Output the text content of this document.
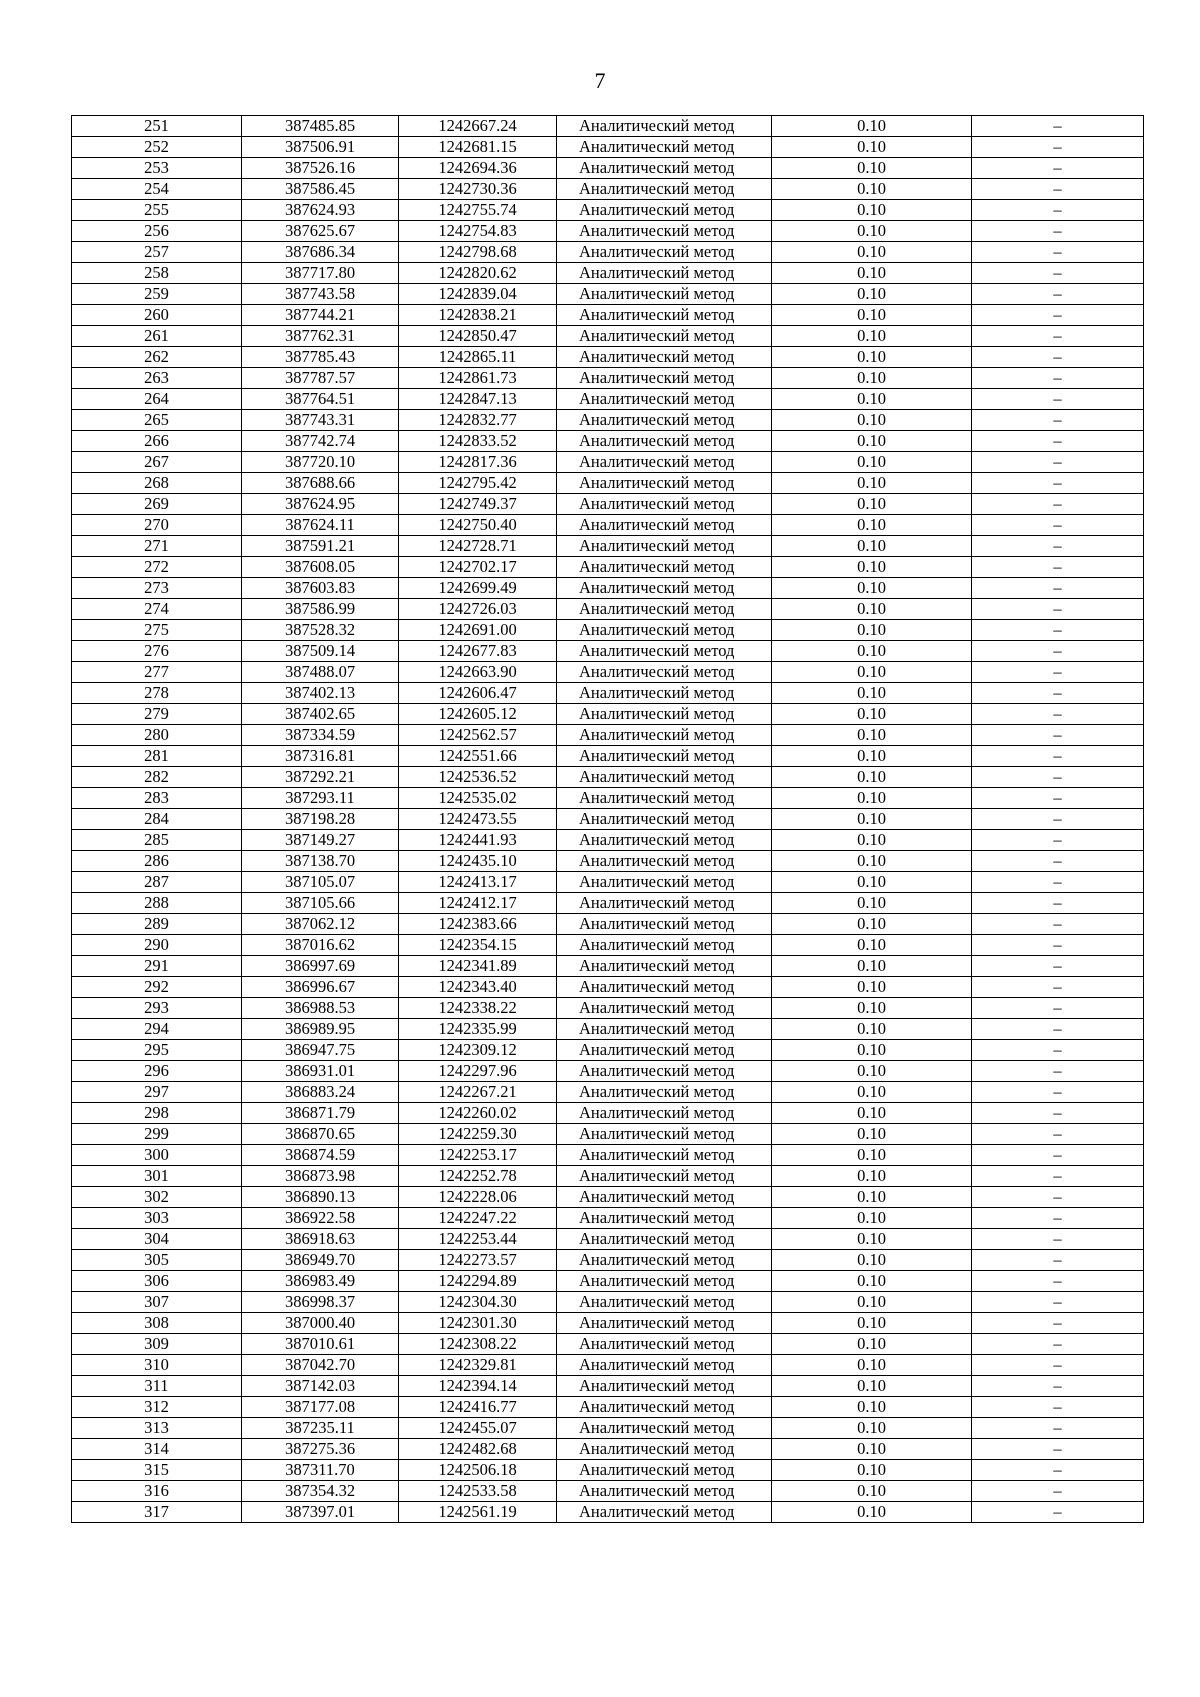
7
251	387485.85	1242667.24	Аналитический метод	0.10	–
252	387506.91	1242681.15	Аналитический метод	0.10	–
253	387526.16	1242694.36	Аналитический метод	0.10	–
254	387586.45	1242730.36	Аналитический метод	0.10	–
255	387624.93	1242755.74	Аналитический метод	0.10	–
256	387625.67	1242754.83	Аналитический метод	0.10	–
257	387686.34	1242798.68	Аналитический метод	0.10	–
258	387717.80	1242820.62	Аналитический метод	0.10	–
259	387743.58	1242839.04	Аналитический метод	0.10	–
260	387744.21	1242838.21	Аналитический метод	0.10	–
261	387762.31	1242850.47	Аналитический метод	0.10	–
262	387785.43	1242865.11	Аналитический метод	0.10	–
263	387787.57	1242861.73	Аналитический метод	0.10	–
264	387764.51	1242847.13	Аналитический метод	0.10	–
265	387743.31	1242832.77	Аналитический метод	0.10	–
266	387742.74	1242833.52	Аналитический метод	0.10	–
267	387720.10	1242817.36	Аналитический метод	0.10	–
268	387688.66	1242795.42	Аналитический метод	0.10	–
269	387624.95	1242749.37	Аналитический метод	0.10	–
270	387624.11	1242750.40	Аналитический метод	0.10	–
271	387591.21	1242728.71	Аналитический метод	0.10	–
272	387608.05	1242702.17	Аналитический метод	0.10	–
273	387603.83	1242699.49	Аналитический метод	0.10	–
274	387586.99	1242726.03	Аналитический метод	0.10	–
275	387528.32	1242691.00	Аналитический метод	0.10	–
276	387509.14	1242677.83	Аналитический метод	0.10	–
277	387488.07	1242663.90	Аналитический метод	0.10	–
278	387402.13	1242606.47	Аналитический метод	0.10	–
279	387402.65	1242605.12	Аналитический метод	0.10	–
280	387334.59	1242562.57	Аналитический метод	0.10	–
281	387316.81	1242551.66	Аналитический метод	0.10	–
282	387292.21	1242536.52	Аналитический метод	0.10	–
283	387293.11	1242535.02	Аналитический метод	0.10	–
284	387198.28	1242473.55	Аналитический метод	0.10	–
285	387149.27	1242441.93	Аналитический метод	0.10	–
286	387138.70	1242435.10	Аналитический метод	0.10	–
287	387105.07	1242413.17	Аналитический метод	0.10	–
288	387105.66	1242412.17	Аналитический метод	0.10	–
289	387062.12	1242383.66	Аналитический метод	0.10	–
290	387016.62	1242354.15	Аналитический метод	0.10	–
291	386997.69	1242341.89	Аналитический метод	0.10	–
292	386996.67	1242343.40	Аналитический метод	0.10	–
293	386988.53	1242338.22	Аналитический метод	0.10	–
294	386989.95	1242335.99	Аналитический метод	0.10	–
295	386947.75	1242309.12	Аналитический метод	0.10	–
296	386931.01	1242297.96	Аналитический метод	0.10	–
297	386883.24	1242267.21	Аналитический метод	0.10	–
298	386871.79	1242260.02	Аналитический метод	0.10	–
299	386870.65	1242259.30	Аналитический метод	0.10	–
300	386874.59	1242253.17	Аналитический метод	0.10	–
301	386873.98	1242252.78	Аналитический метод	0.10	–
302	386890.13	1242228.06	Аналитический метод	0.10	–
303	386922.58	1242247.22	Аналитический метод	0.10	–
304	386918.63	1242253.44	Аналитический метод	0.10	–
305	386949.70	1242273.57	Аналитический метод	0.10	–
306	386983.49	1242294.89	Аналитический метод	0.10	–
307	386998.37	1242304.30	Аналитический метод	0.10	–
308	387000.40	1242301.30	Аналитический метод	0.10	–
309	387010.61	1242308.22	Аналитический метод	0.10	–
310	387042.70	1242329.81	Аналитический метод	0.10	–
311	387142.03	1242394.14	Аналитический метод	0.10	–
312	387177.08	1242416.77	Аналитический метод	0.10	–
313	387235.11	1242455.07	Аналитический метод	0.10	–
314	387275.36	1242482.68	Аналитический метод	0.10	–
315	387311.70	1242506.18	Аналитический метод	0.10	–
316	387354.32	1242533.58	Аналитический метод	0.10	–
317	387397.01	1242561.19	Аналитический метод	0.10	–
